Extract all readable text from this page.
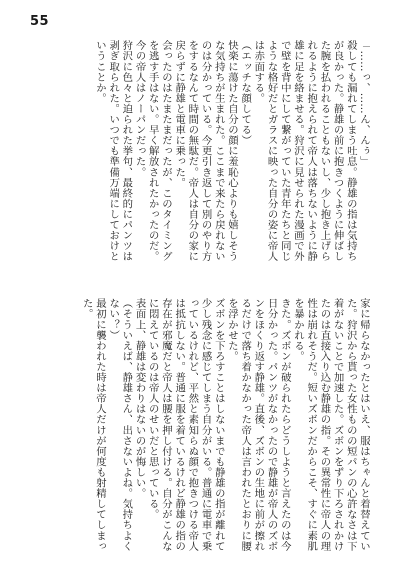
55
「……っ、……ん、んぅ」
殺しても漏れてしまう吐息。静雄の指は気持ちが良かった。静雄の前に抱きつくように伸ばした腕を払われることもないし、少し抱き上げられるように抱えられて帝人は落ちないように静雄に足を絡ませる。狩沢に見せられた漫画で外で壁を背中にして繋がっていた青年たちと同じような格好だとガラスに映った自分の姿に帝人は赤面する。
（エッチな顔してる）
快楽に蕩けた自分の顔に羞恥心よりも嬉しそうな気持ちが生まれた。ここまで来たら戻れないのは分かっている。今更引き返して別のやり方をするなんて時間の無駄だ。帝人は自分の家に戻らずに静雄と電車に乗った。
会ったのはたまたまだったが、このタイミングを逃す手はない。早く解放されたかったのだ。
今の帝人はノーパンだった。
狩沢に色々と迫られた挙句、最終的にパンツは剥ぎ取られた。いつでも準備万端にしておけということか。
家に帰らなかったとはいえ、服はちゃんと着替えていた。狩沢から貰った女性ものの短パンの心許なさは下着がないことで加速した。ズボンをずり下ろされかけたのは直接入り込む静雄の指。その異常性に帝人の理性は崩れそうだ。短いズボンだからこそ、すぐに素肌を暴かれる。
きた。ズボンが破られたらどうしようと言えたのは今日分かった。パンツがなかったので静雄が帝人のズボンをほくり返す静雄。直後、ズボンの生地に前が擦れるだけで落ち着かなかった帝人は言われたとおりに腰を浮かせた。
ズボンを下ろすことはしないまでも静雄の指が離れて少し残念に感じてしまう自分がいる。普通に電車で乗っているけれど、平然と素知らぬ顔で抱きつける帝人は抵抗しない。普通に服を着ているけれど静雄の指の存在が邪魔だと帝人は腰を押し付ける。自分がこんなに悶えているのは帝人のせいだと思っている。
表面上、静雄は変わりはないのが悔しい。
（そういえば、静雄さん、出さないよね。気持ちよくない？）
最初に襲われた時は帝人だけが何度も射精してしまった。
